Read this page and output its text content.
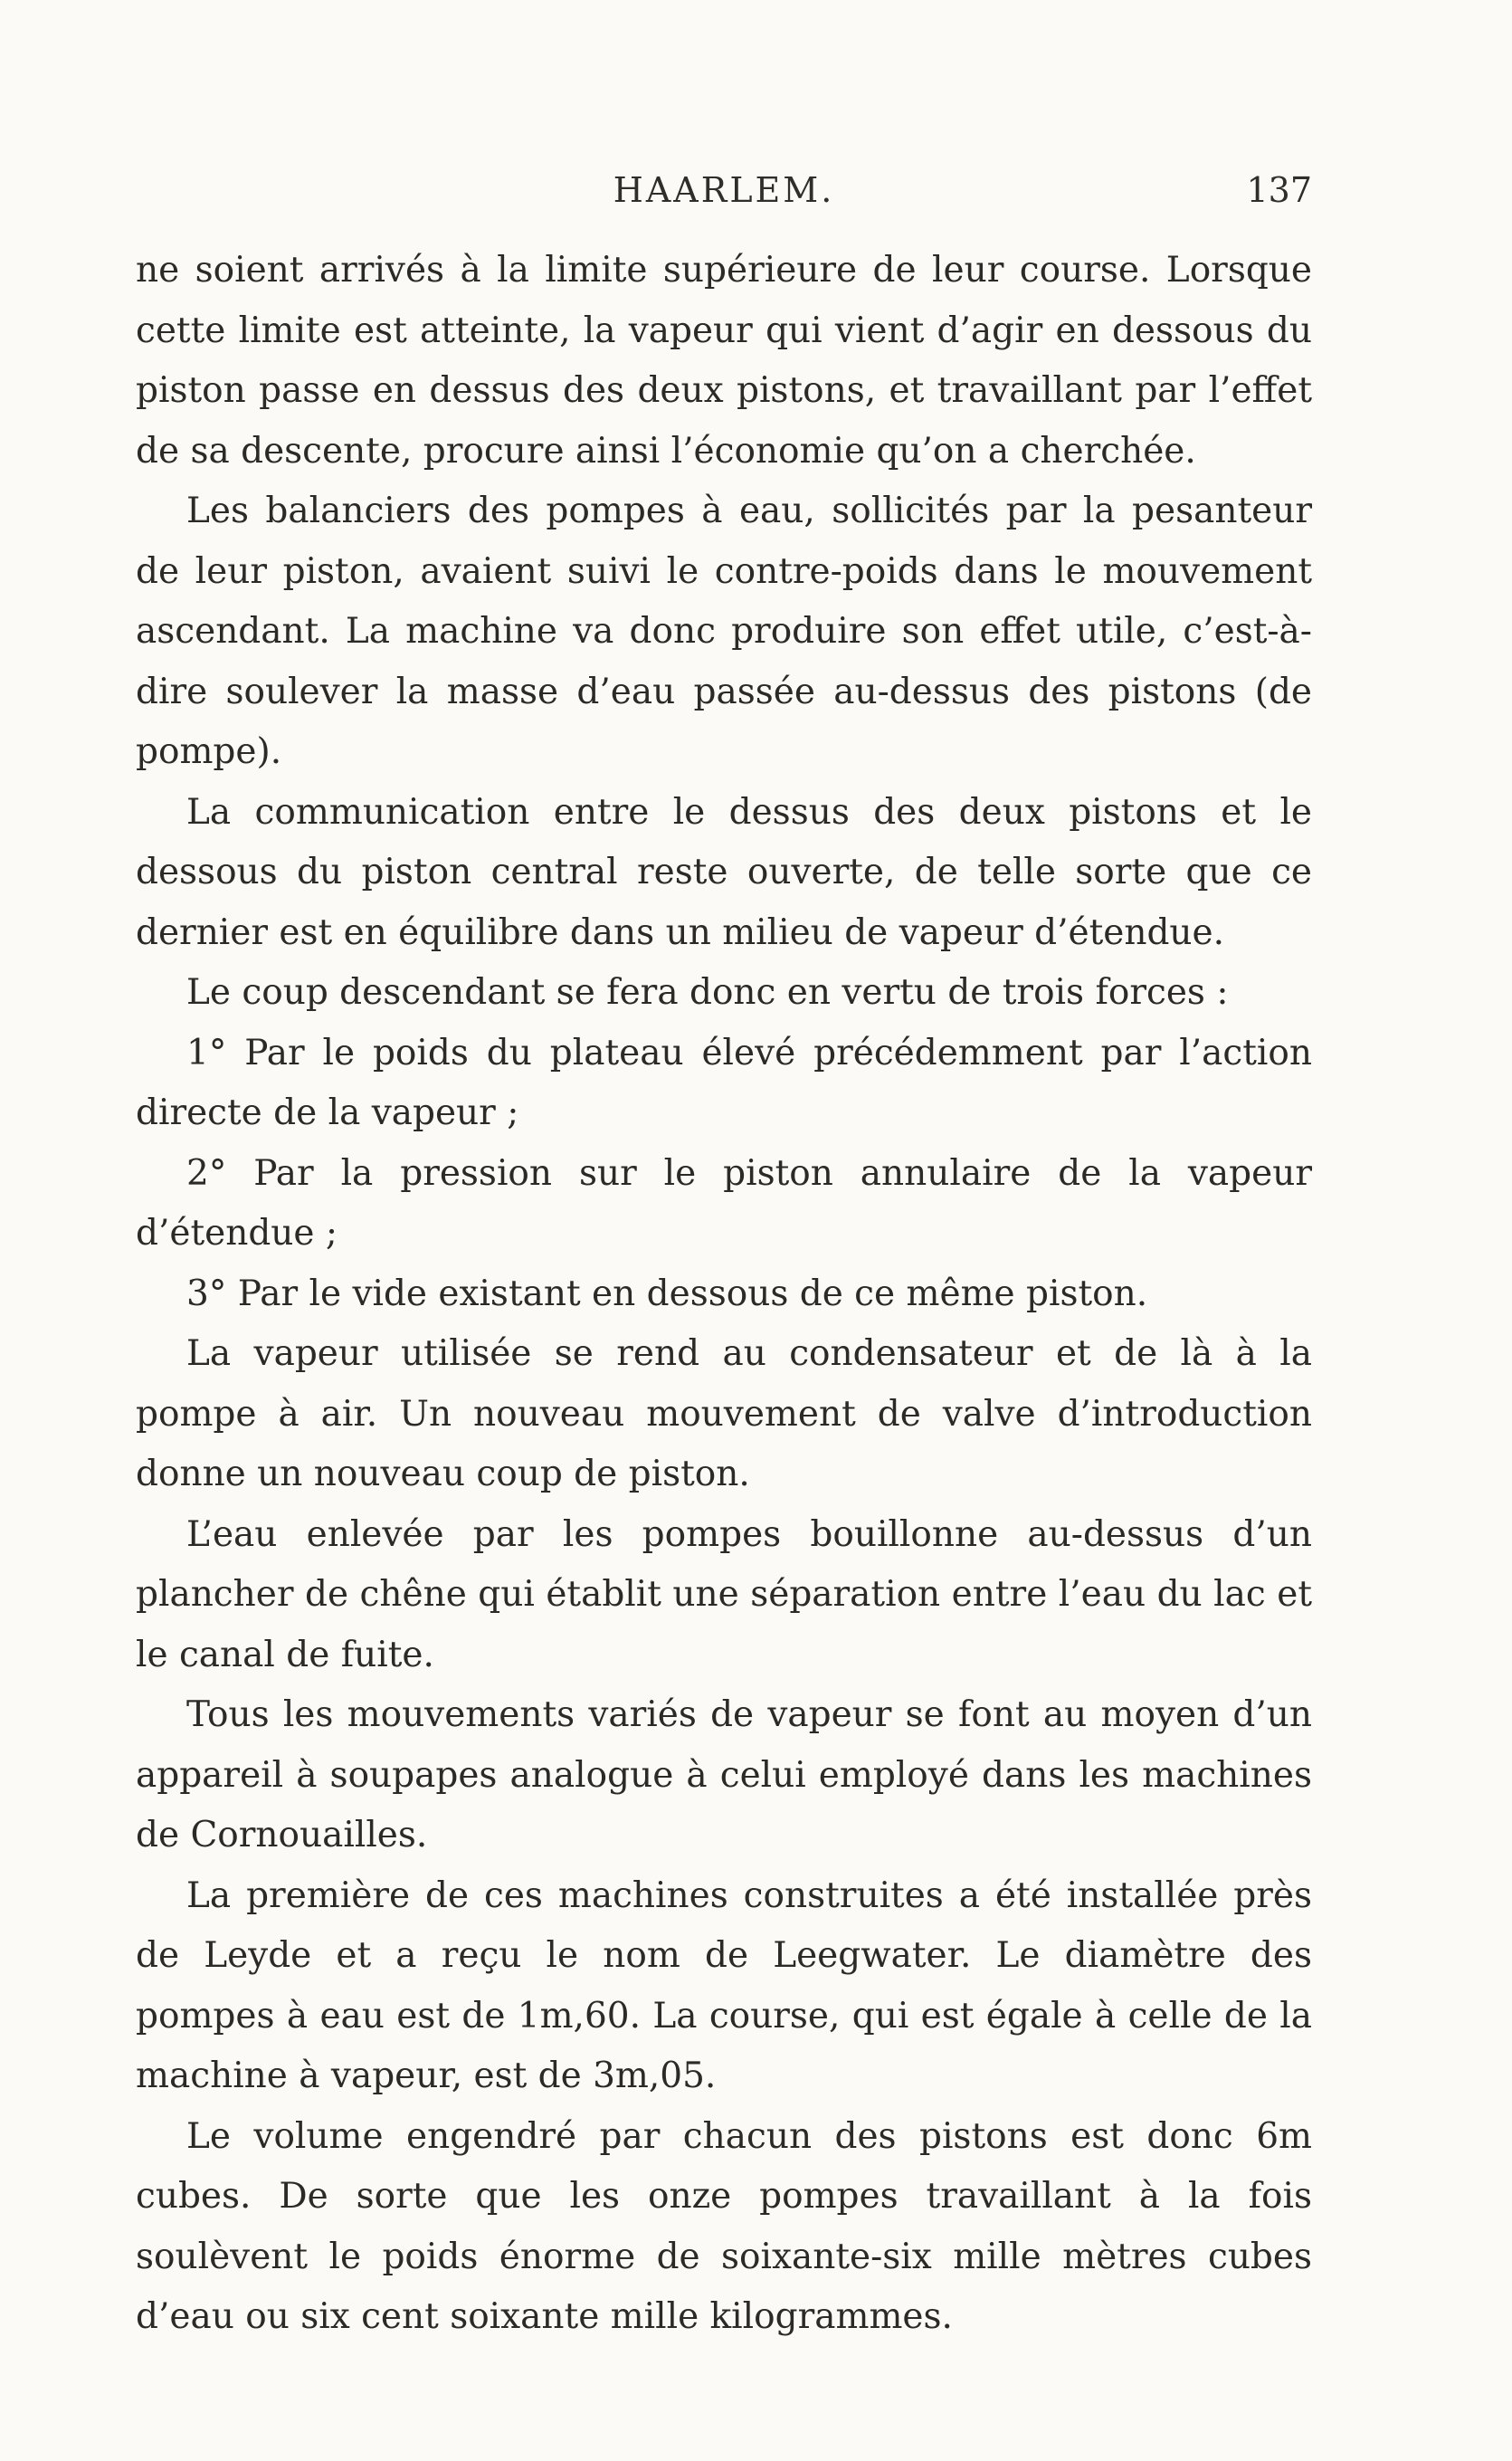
HAARLEM.	137

ne soient arrivés à la limite supérieure de leur course. Lorsque cette limite est atteinte, la vapeur qui vient d’agir en dessous du piston passe en dessus des deux pistons, et travaillant par l’effet de sa descente, procure ainsi l’économie qu’on a cherchée.

Les balanciers des pompes à eau, sollicités par la pesanteur de leur piston, avaient suivi le contre-poids dans le mouvement ascendant. La machine va donc produire son effet utile, c’est-à-dire soulever la masse d’eau passée au-dessus des pistons (de pompe).

La communication entre le dessus des deux pistons et le dessous du piston central reste ouverte, de telle sorte que ce dernier est en équilibre dans un milieu de vapeur d’étendue.

Le coup descendant se fera donc en vertu de trois forces :

1° Par le poids du plateau élevé précédemment par l’action directe de la vapeur ;

2° Par la pression sur le piston annulaire de la vapeur d’étendue ;

3° Par le vide existant en dessous de ce même piston.

La vapeur utilisée se rend au condensateur et de là à la pompe à air. Un nouveau mouvement de valve d’introduction donne un nouveau coup de piston.

L’eau enlevée par les pompes bouillonne au-dessus d’un plancher de chêne qui établit une séparation entre l’eau du lac et le canal de fuite.

Tous les mouvements variés de vapeur se font au moyen d’un appareil à soupapes analogue à celui employé dans les machines de Cornouailles.

La première de ces machines construites a été installée près de Leyde et a reçu le nom de Leegwater. Le diamètre des pompes à eau est de 1m,60. La course, qui est égale à celle de la machine à vapeur, est de 3m,05.

Le volume engendré par chacun des pistons est donc 6m cubes. De sorte que les onze pompes travaillant à la fois soulèvent le poids énorme de soixante-six mille mètres cubes d’eau ou six cent soixante mille kilogrammes.
